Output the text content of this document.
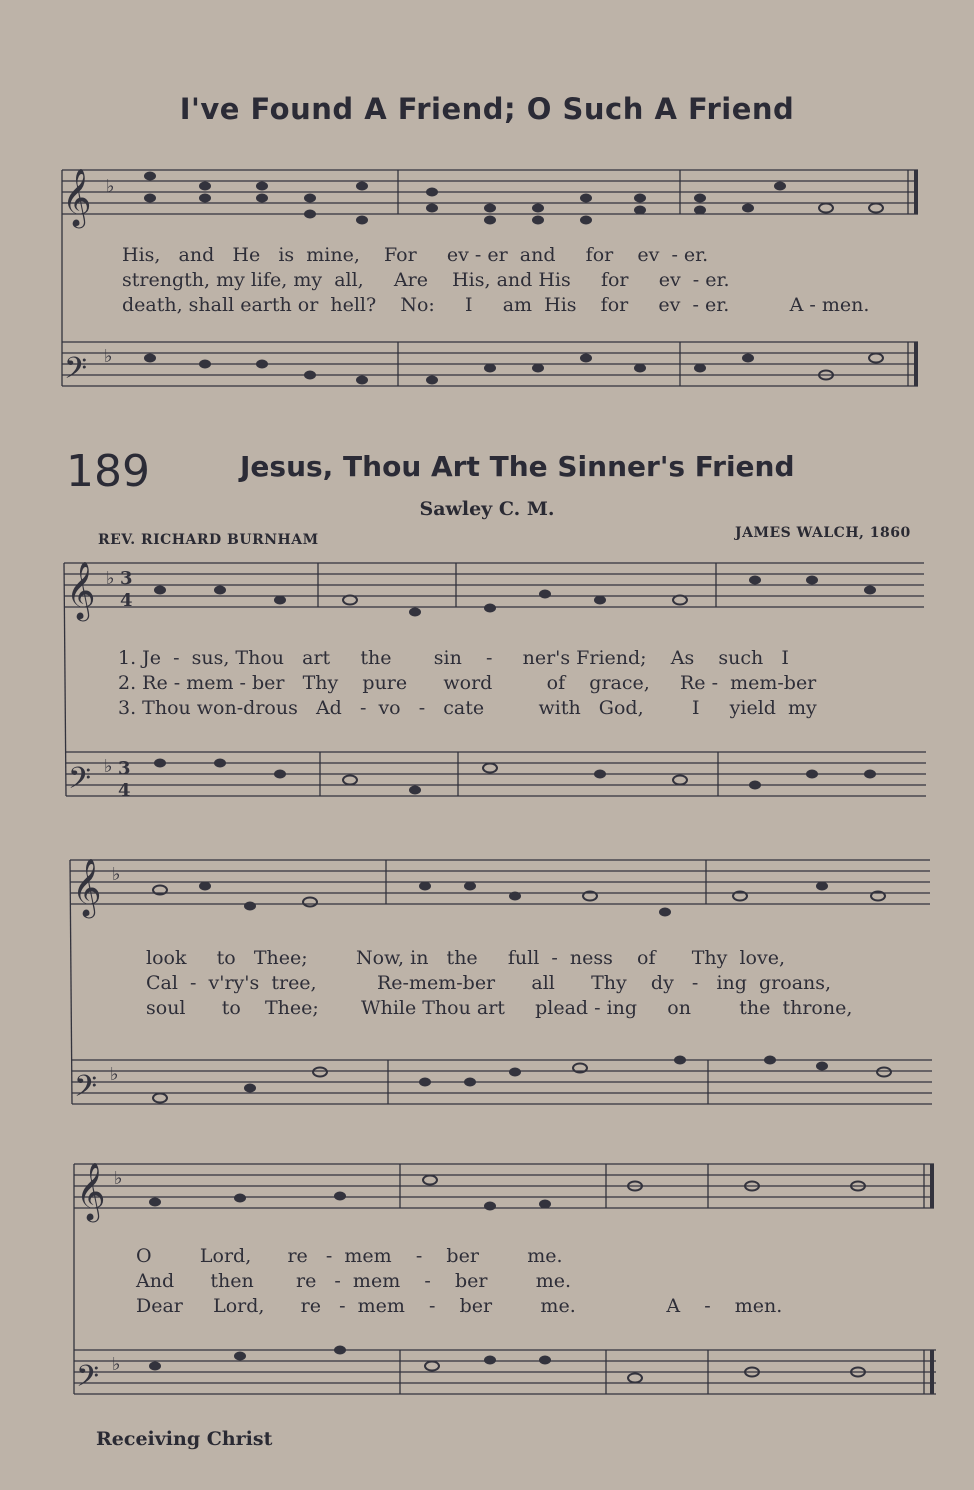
I've Found A Friend; O Such A Friend
𝄞
𝄢
𝄞
𝄢
𝄞
𝄢
𝄞
𝄢
♭
♭
♭ 3
4
♭ 3
4
♭
♭
♭
♭
His,   and   He   is  mine,    For     ev - er  and     for    ev  - er.
strength, my life, my  all,     Are    His, and His     for     ev  - er.
death, shall earth or  hell?    No:     I     am  His    for     ev  - er.          A - men.
189	Jesus, Thou Art The Sinner's Friend
Sawley C. M.
REV. RICHARD BURNHAM	JAMES WALCH, 1860
1. Je  -  sus, Thou   art     the       sin    -     ner's Friend;    As    such   I
2. Re - mem - ber   Thy    pure      word         of    grace,     Re -  mem-ber
3. Thou won-drous   Ad   -  vo   -   cate         with   God,        I     yield  my
look     to   Thee;        Now, in   the     full  -  ness    of      Thy  love,
Cal  -  v'ry's  tree,          Re-mem-ber      all      Thy    dy   -   ing  groans,
soul      to    Thee;       While Thou art     plead - ing     on        the  throne,
O        Lord,      re   -  mem    -    ber        me.
And      then       re   -  mem    -    ber        me.
Dear     Lord,      re   -  mem    -    ber        me.               A    -    men.
Receiving Christ
